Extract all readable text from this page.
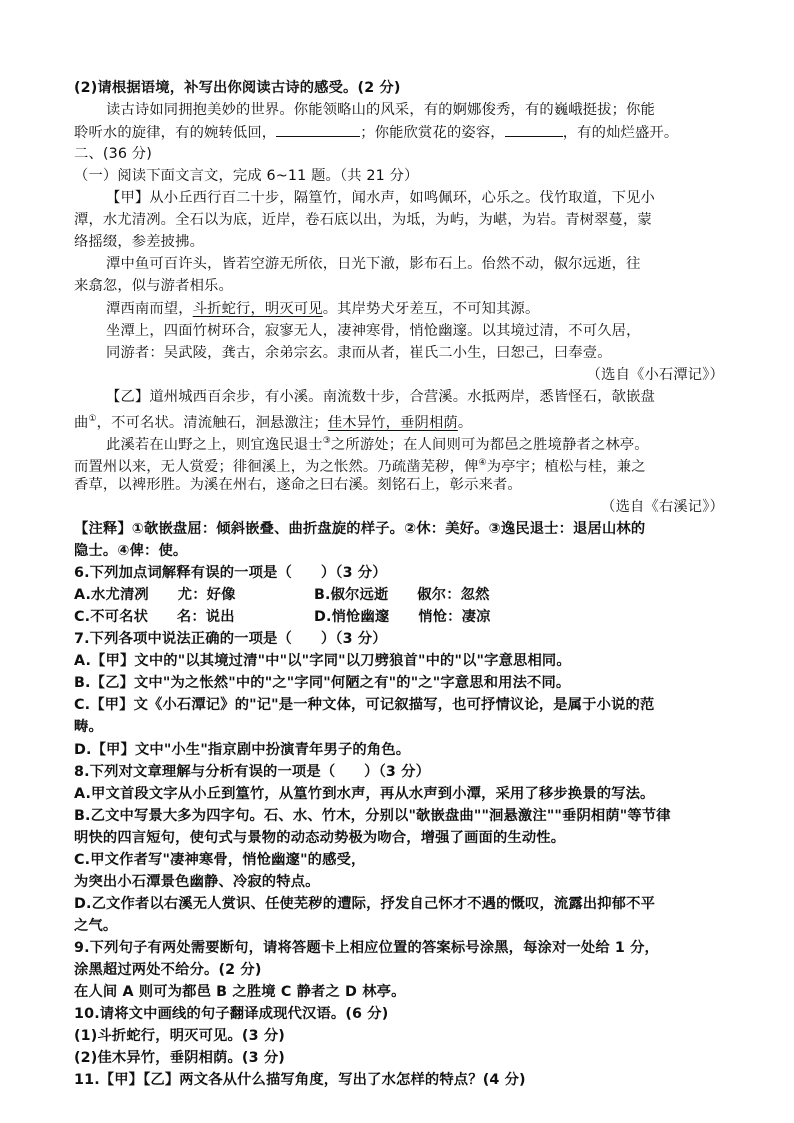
(2)请根据语境，补写出你阅读古诗的感受。(2 分)
读古诗如同拥抱美妙的世界。你能领略山的风采，有的婀娜俊秀，有的巍峨挺拔；你能
聆听水的旋律，有的婉转低回，	；你能欣赏花的姿容，	，有的灿烂盛开。
二、(36 分)
（一）阅读下面文言文，完成 6~11 题。（共 21 分）
【甲】从小丘西行百二十步，隔篁竹，闻水声，如鸣佩环，心乐之。伐竹取道，下见小
潭，水尤清冽。全石以为底，近岸，卷石底以出，为坻，为屿，为嵁，为岩。青树翠蔓，蒙
络摇缀，参差披拂。
潭中鱼可百许头，皆若空游无所依，日光下澈，影布石上。佁然不动，俶尔远逝，往
来翕忽，似与游者相乐。
潭西南而望，斗折蛇行，明灭可见。其岸势犬牙差互，不可知其源。
坐潭上，四面竹树环合，寂寥无人，凄神寒骨，悄怆幽邃。以其境过清，不可久居，
同游者：吴武陵，龚古，余弟宗玄。隶而从者，崔氏二小生，曰恕己，曰奉壹。
（选自《小石潭记》）
【乙】道州城西百余步，有小溪。南流数十步，合营溪。水抵两岸，悉皆怪石，欹嵌盘
曲①，不可名状。清流触石，洄悬激注；佳木异竹，垂阴相荫。
此溪若在山野之上，则宜逸民退士③之所游处；在人间则可为都邑之胜境静者之林亭。
而置州以来，无人赏爱；徘徊溪上，为之怅然。乃疏凿芜秽，俾④为亭宇；植松与桂，兼之
香草，以裨形胜。为溪在州右，遂命之曰右溪。刻铭石上，彰示来者。
（选自《右溪记》）
【注释】①欹嵌盘屈：倾斜嵌叠、曲折盘旋的样子。②休：美好。③逸民退士：退居山林的
隐士。④俾：使。
6.下列加点词解释有误的一项是（　　）（3 分）
A.水尤清冽　　尤：好像	B.俶尔远逝　　俶尔：忽然
C.不可名状　　名：说出	D.悄怆幽邃　　悄怆：凄凉
7.下列各项中说法正确的一项是（　　）（3 分）
A.【甲】文中的"以其境过清"中"以"字同"以刀劈狼首"中的"以"字意思相同。
B.【乙】文中"为之怅然"中的"之"字同"何陋之有"的"之"字意思和用法不同。
C.【甲】文《小石潭记》的"记"是一种文体，可记叙描写，也可抒情议论，是属于小说的范
畴。
D.【甲】文中"小生"指京剧中扮演青年男子的角色。
8.下列对文章理解与分析有误的一项是（　　）（3 分）
A.甲文首段文字从小丘到篁竹，从篁竹到水声，再从水声到小潭，采用了移步换景的写法。
B.乙文中写景大多为四字句。石、水、竹木，分别以"欹嵌盘曲""洄悬激注""垂阴相荫"等节律
明快的四言短句，使句式与景物的动态动势极为吻合，增强了画面的生动性。
C.甲文作者写"凄神寒骨，悄怆幽邃"的感受，
为突出小石潭景色幽静、冷寂的特点。
D.乙文作者以右溪无人赏识、任使芜秽的遭际，抒发自己怀才不遇的慨叹，流露出抑郁不平
之气。
9.下列句子有两处需要断句，请将答题卡上相应位置的答案标号涂黑，每涂对一处给 1 分，
涂黑超过两处不给分。(2 分)
在人间 A 则可为都邑 B 之胜境 C 静者之 D 林亭。
10.请将文中画线的句子翻译成现代汉语。(6 分)
(1)斗折蛇行，明灭可见。(3 分)
(2)佳木异竹，垂阴相荫。(3 分)
11.【甲】【乙】两文各从什么描写角度，写出了水怎样的特点？(4 分)
